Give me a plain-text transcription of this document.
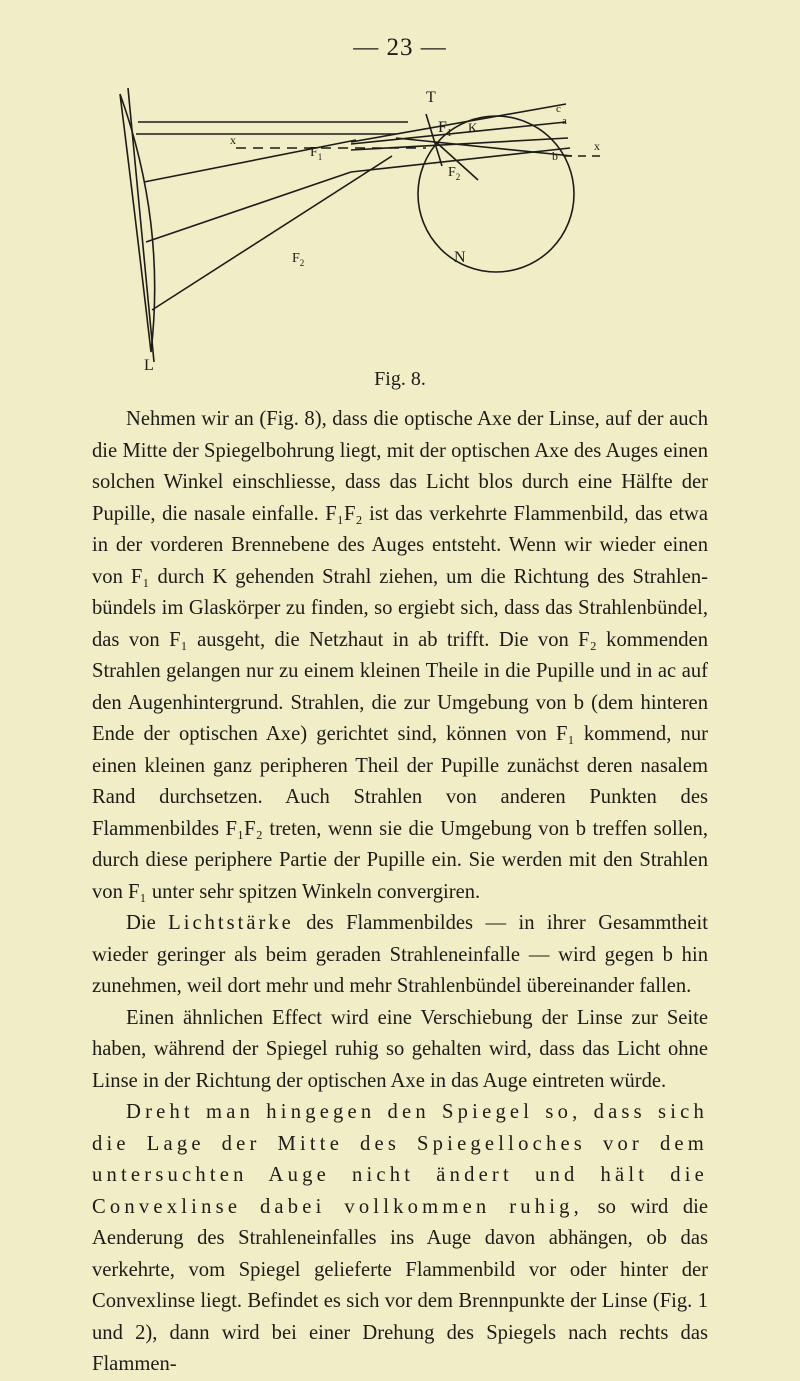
— 23 —
T
$F_1$ K
$F_1$
$F_2$
$F_2$
N
L
x	x
b
c
a
Fig. 8.

Nehmen wir an (Fig. 8), dass die optische Axe der Linse, auf der auch die Mitte der Spiegelbohrung liegt, mit der optischen Axe des Auges einen solchen Winkel einschliesse, dass das Licht blos durch eine Hälfte der Pupille, die nasale einfalle. F₁F₂ ist das verkehrte Flammenbild, das etwa in der vorderen Brennebene des Auges entsteht. Wenn wir wieder einen von F₁ durch K gehenden Strahl ziehen, um die Richtung des Strahlenbündels im Glaskörper zu finden, so ergiebt sich, dass das Strahlenbündel, das von F₁ ausgeht, die Netzhaut in ab trifft. Die von F₂ kommenden Strahlen gelangen nur zu einem kleinen Theile in die Pupille und in ac auf den Augenhintergrund. Strahlen, die zur Umgebung von b (dem hinteren Ende der optischen Axe) gerichtet sind, können von F₁ kommend, nur einen kleinen ganz peripheren Theil der Pupille zunächst deren nasalem Rand durchsetzen. Auch Strahlen von anderen Punkten des Flammenbildes F₁F₂ treten, wenn sie die Umgebung von b treffen sollen, durch diese periphere Partie der Pupille ein. Sie werden mit den Strahlen von F₁ unter sehr spitzen Winkeln convergiren.

Die Lichtstärke des Flammenbildes — in ihrer Gesammtheit wieder geringer als beim geraden Strahleneinfalle — wird gegen b hin zunehmen, weil dort mehr und mehr Strahlenbündel übereinander fallen.

Einen ähnlichen Effect wird eine Verschiebung der Linse zur Seite haben, während der Spiegel ruhig so gehalten wird, dass das Licht ohne Linse in der Richtung der optischen Axe in das Auge eintreten würde.

Dreht man hingegen den Spiegel so, dass sich die Lage der Mitte des Spiegelloches vor dem untersuchten Auge nicht ändert und hält die Convexlinse dabei vollkommen ruhig, so wird die Aenderung des Strahleneinfalles ins Auge davon abhängen, ob das verkehrte, vom Spiegel gelieferte Flammenbild vor oder hinter der Convexlinse liegt. Befindet es sich vor dem Brennpunkte der Linse (Fig. 1 und 2), dann wird bei einer Drehung des Spiegels nach rechts das Flammen-
